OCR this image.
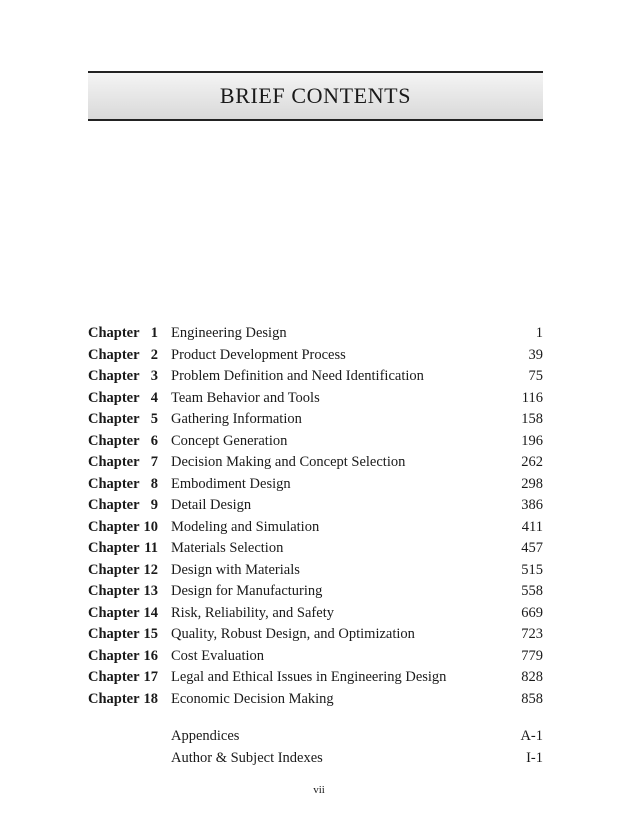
BRIEF CONTENTS
Chapter 1 Engineering Design	1
Chapter 2 Product Development Process	39
Chapter 3 Problem Definition and Need Identification	75
Chapter 4 Team Behavior and Tools	116
Chapter 5 Gathering Information	158
Chapter 6 Concept Generation	196
Chapter 7 Decision Making and Concept Selection	262
Chapter 8 Embodiment Design	298
Chapter 9 Detail Design	386
Chapter 10 Modeling and Simulation	411
Chapter 11 Materials Selection	457
Chapter 12 Design with Materials	515
Chapter 13 Design for Manufacturing	558
Chapter 14 Risk, Reliability, and Safety	669
Chapter 15 Quality, Robust Design, and Optimization	723
Chapter 16 Cost Evaluation	779
Chapter 17 Legal and Ethical Issues in Engineering Design	828
Chapter 18 Economic Decision Making	858
Appendices	A-1
Author & Subject Indexes	I-1
vii
